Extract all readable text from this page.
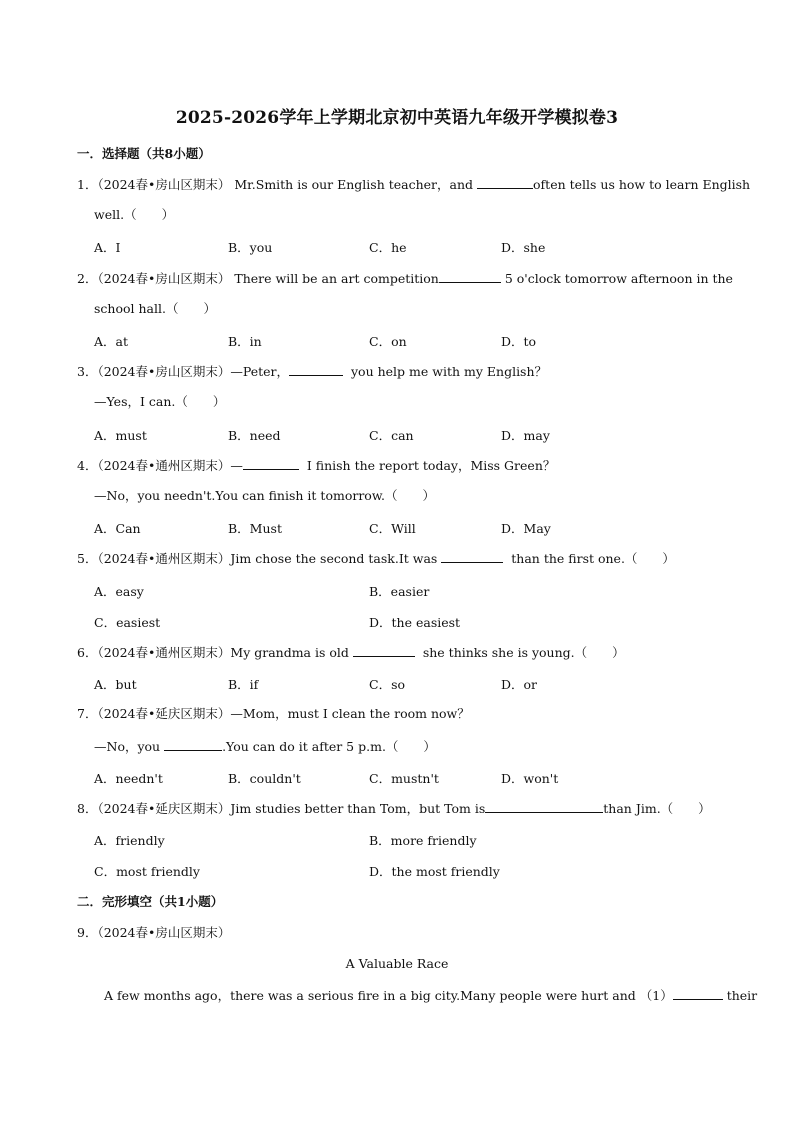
2025-2026学年上学期北京初中英语九年级开学模拟卷3
一．选择题（共8小题）
1．（2024春•房山区期末） Mr.Smith is our English teacher，and	often tells us how to learn English
well.（　　）
A．I	B．you	C．he	D．she
2．（2024春•房山区期末） There will be an art competition	5 o'clock tomorrow afternoon in the
school hall.（　　）
A．at	B．in	C．on	D．to
3．（2024春•房山区期末）—Peter，	you help me with my English？
—Yes，I can.（　　）
A．must	B．need	C．can	D．may
4．（2024春•通州区期末）—	I finish the report today，Miss Green？
—No，you needn't.You can finish it tomorrow.（　　）
A．Can	B．Must	C．Will	D．May
5．（2024春•通州区期末）Jim chose the second task.It was	than the first one.（　　）
A．easy	B．easier
C．easiest	D．the easiest
6．（2024春•通州区期末）My grandma is old	she thinks she is young.（　　）
A．but	B．if	C．so	D．or
7．（2024春•延庆区期末）—Mom，must I clean the room now？
—No，you	.You can do it after 5 p.m.（　　）
A．needn't	B．couldn't	C．mustn't	D．won't
8．（2024春•延庆区期末）Jim studies better than Tom，but Tom is	than Jim.（　　）
A．friendly	B．more friendly
C．most friendly	D．the most friendly
二．完形填空（共1小题）
9．（2024春•房山区期末）
A Valuable Race
A few months ago，there was a serious fire in a big city.Many people were hurt and （1）	their
